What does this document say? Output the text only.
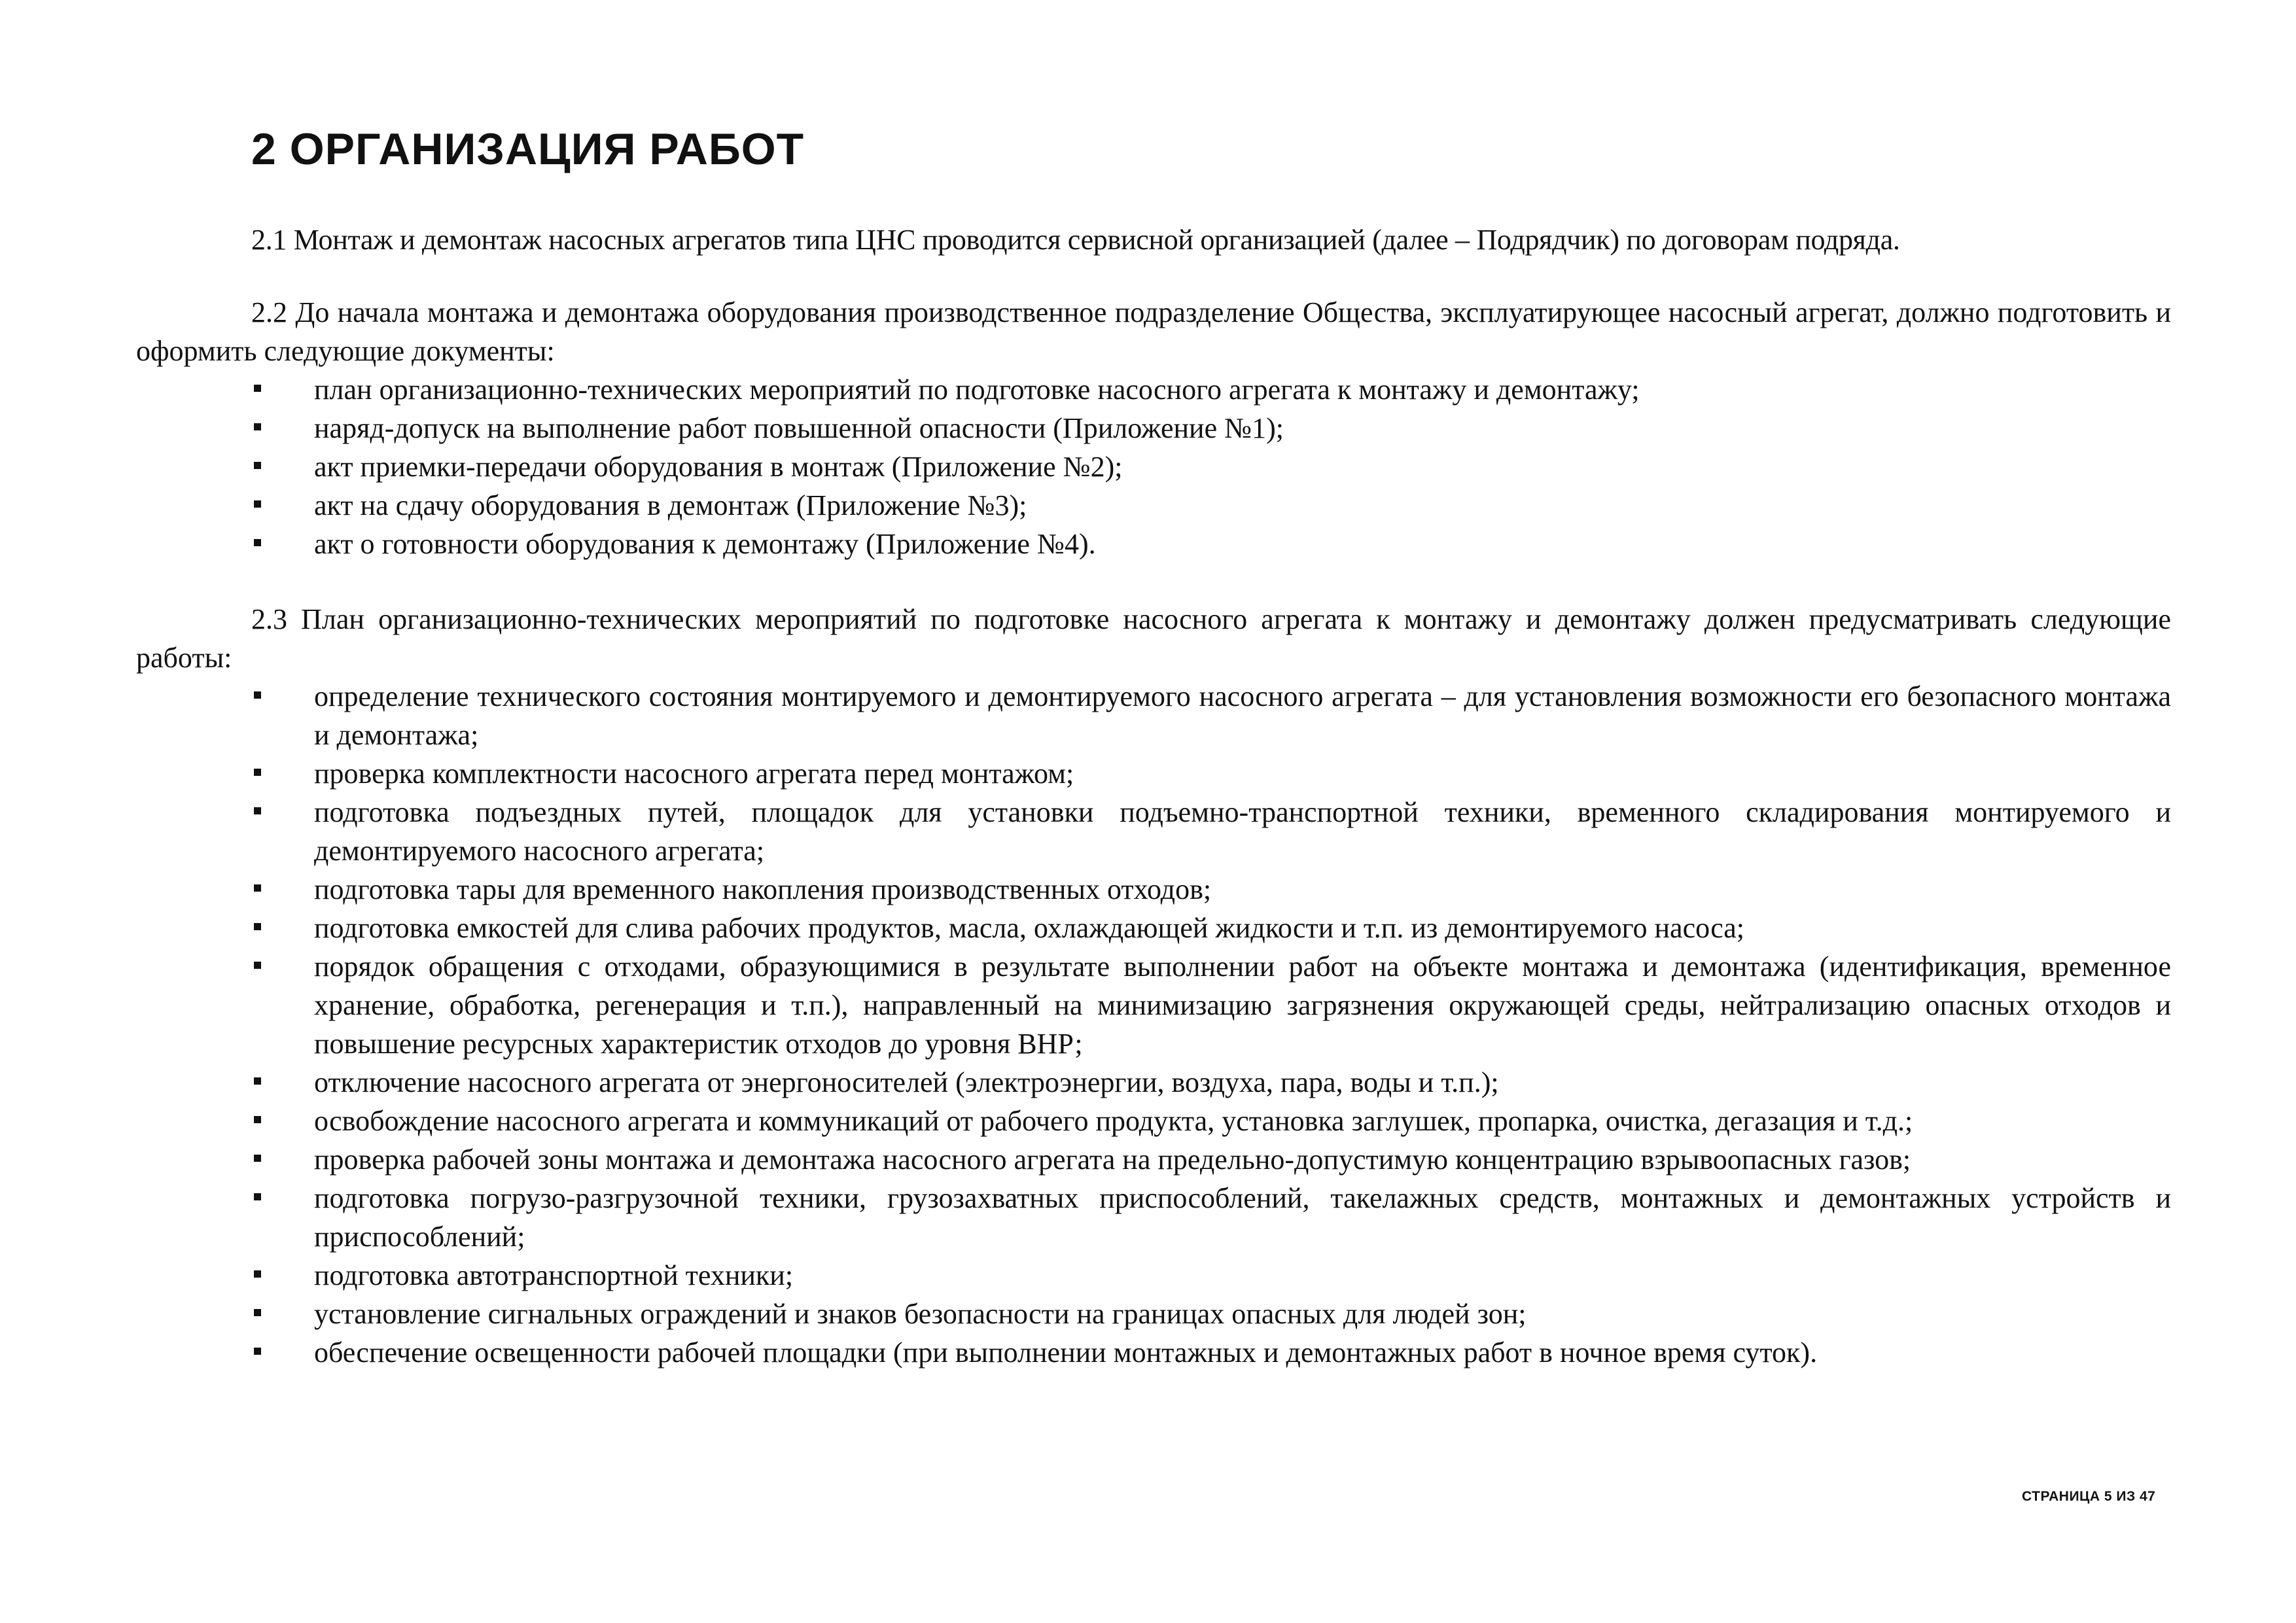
2 ОРГАНИЗАЦИЯ РАБОТ

2.1 Монтаж и демонтаж насосных агрегатов типа ЦНС проводится сервисной организацией (далее – Подрядчик) по договорам подряда.

2.2 До начала монтажа и демонтажа оборудования производственное подразделение Общества, эксплуатирующее насосный агрегат, должно подготовить и оформить следующие документы:

план организационно-технических мероприятий по подготовке насосного агрегата к монтажу и демонтажу;
наряд-допуск на выполнение работ повышенной опасности (Приложение №1);
акт приемки-передачи оборудования в монтаж (Приложение №2);
акт на сдачу оборудования в демонтаж (Приложение №3);
акт о готовности оборудования к демонтажу (Приложение №4).

2.3 План организационно-технических мероприятий по подготовке насосного агрегата к монтажу и демонтажу должен предусматривать следующие работы:

определение технического состояния монтируемого и демонтируемого насосного агрегата – для установления возможности его безопасного монтажа и демонтажа;
проверка комплектности насосного агрегата перед монтажом;
подготовка подъездных путей, площадок для установки подъемно-транспортной техники, временного складирования монтируемого и демонтируемого насосного агрегата;
подготовка тары для временного накопления производственных отходов;
подготовка емкостей для слива рабочих продуктов, масла, охлаждающей жидкости и т.п. из демонтируемого насоса;
порядок обращения с отходами, образующимися в результате выполнении работ на объекте монтажа и демонтажа (идентификация, временное хранение, обработка, регенерация и т.п.), направленный на минимизацию загрязнения окружающей среды, нейтрализацию опасных отходов и повышение ресурсных характеристик отходов до уровня ВНР;
отключение насосного агрегата от энергоносителей (электроэнергии, воздуха, пара, воды и т.п.);
освобождение насосного агрегата и коммуникаций от рабочего продукта, установка заглушек, пропарка, очистка, дегазация и т.д.;
проверка рабочей зоны монтажа и демонтажа насосного агрегата на предельно-допустимую концентрацию взрывоопасных газов;
подготовка погрузо-разгрузочной техники, грузозахватных приспособлений, такелажных средств, монтажных и демонтажных устройств и приспособлений;
подготовка автотранспортной техники;
установление сигнальных ограждений и знаков безопасности на границах опасных для людей зон;
обеспечение освещенности рабочей площадки (при выполнении монтажных и демонтажных работ в ночное время суток).
СТРАНИЦА 5 ИЗ 47
